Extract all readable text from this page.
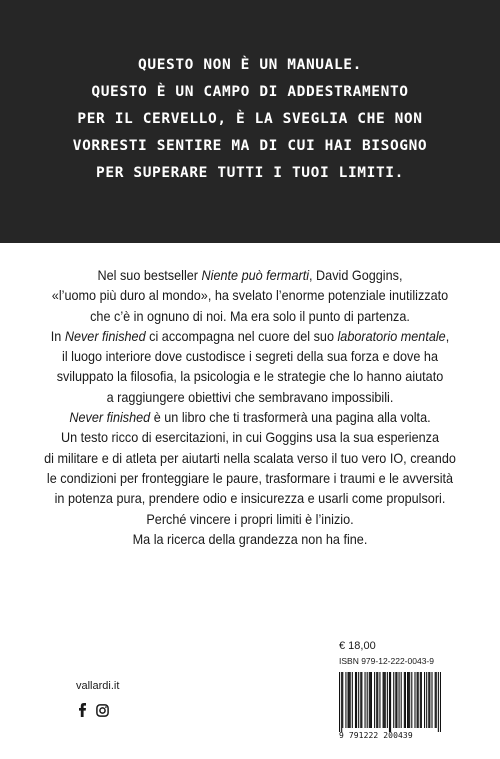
QUESTO NON È UN MANUALE.
QUESTO È UN CAMPO DI ADDESTRAMENTO
PER IL CERVELLO, È LA SVEGLIA CHE NON
VORRESTI SENTIRE MA DI CUI HAI BISOGNO
PER SUPERARE TUTTI I TUOI LIMITI.
Nel suo bestseller Niente può fermarti, David Goggins,
«l’uomo più duro al mondo», ha svelato l’enorme potenziale inutilizzato
che c’è in ognuno di noi. Ma era solo il punto di partenza.
In Never finished ci accompagna nel cuore del suo laboratorio mentale,
il luogo interiore dove custodisce i segreti della sua forza e dove ha
sviluppato la filosofia, la psicologia e le strategie che lo hanno aiutato
a raggiungere obiettivi che sembravano impossibili.
Never finished è un libro che ti trasformerà una pagina alla volta.
Un testo ricco di esercitazioni, in cui Goggins usa la sua esperienza
di militare e di atleta per aiutarti nella scalata verso il tuo vero IO, creando
le condizioni per fronteggiare le paure, trasformare i traumi e le avversità
in potenza pura, prendere odio e insicurezza e usarli come propulsori.
Perché vincere i propri limiti è l’inizio.
Ma la ricerca della grandezza non ha fine.
vallardi.it
€ 18,00
ISBN 979-12-222-0043-9
9 791222 200439
